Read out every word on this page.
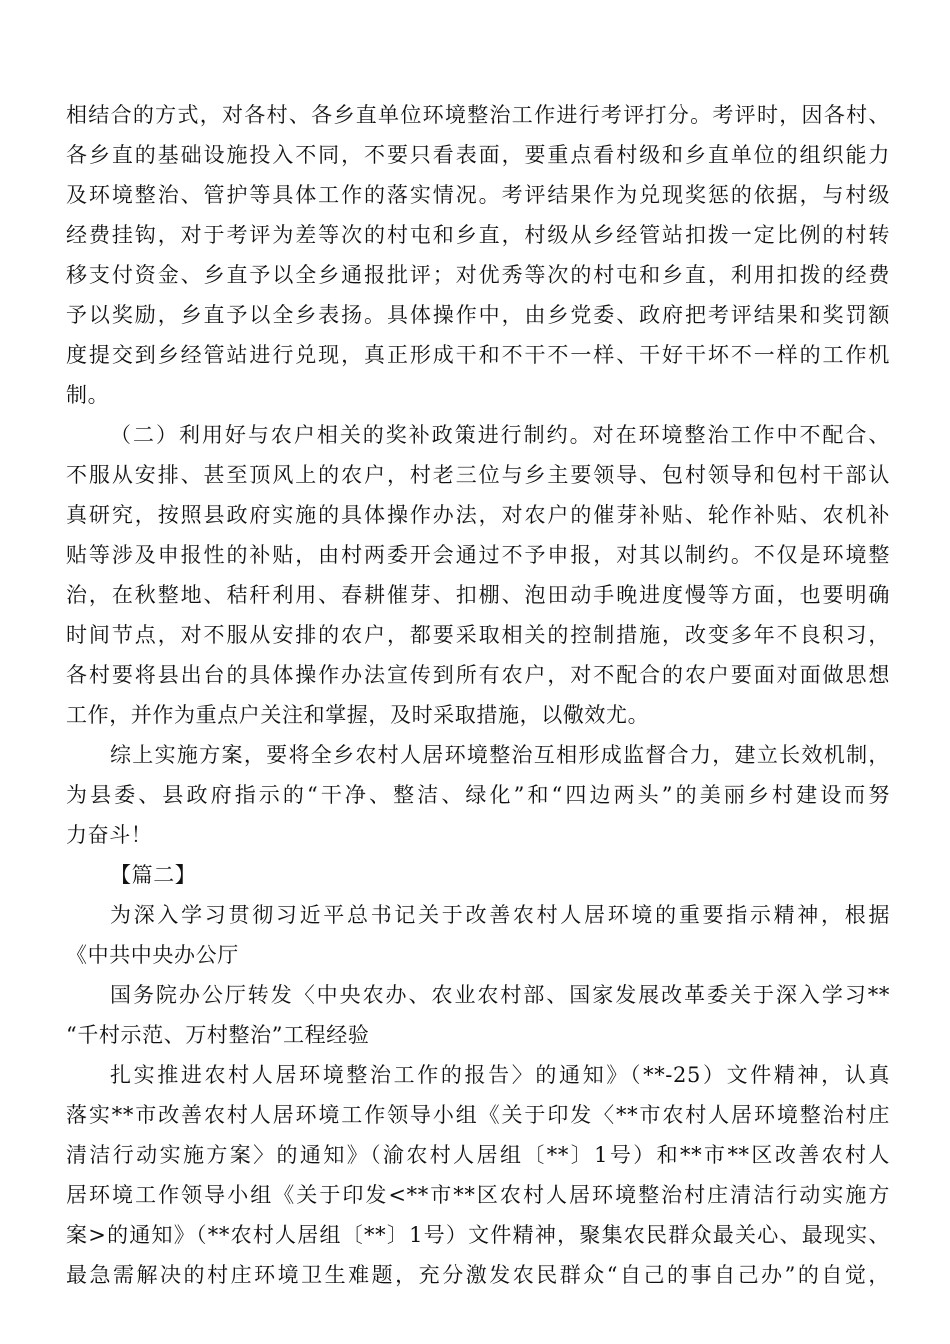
相结合的方式，对各村、各乡直单位环境整治工作进行考评打分。考评时，因各村、
各乡直的基础设施投入不同，不要只看表面，要重点看村级和乡直单位的组织能力
及环境整治、管护等具体工作的落实情况。考评结果作为兑现奖惩的依据，与村级
经费挂钩，对于考评为差等次的村屯和乡直，村级从乡经管站扣拨一定比例的村转
移支付资金、乡直予以全乡通报批评；对优秀等次的村屯和乡直，利用扣拨的经费
予以奖励，乡直予以全乡表扬。具体操作中，由乡党委、政府把考评结果和奖罚额
度提交到乡经管站进行兑现，真正形成干和不干不一样、干好干坏不一样的工作机
制。
（二）利用好与农户相关的奖补政策进行制约。对在环境整治工作中不配合、
不服从安排、甚至顶风上的农户，村老三位与乡主要领导、包村领导和包村干部认
真研究，按照县政府实施的具体操作办法，对农户的催芽补贴、轮作补贴、农机补
贴等涉及申报性的补贴，由村两委开会通过不予申报，对其以制约。不仅是环境整
治，在秋整地、秸秆利用、春耕催芽、扣棚、泡田动手晚进度慢等方面，也要明确
时间节点，对不服从安排的农户，都要采取相关的控制措施，改变多年不良积习，
各村要将县出台的具体操作办法宣传到所有农户，对不配合的农户要面对面做思想
工作，并作为重点户关注和掌握，及时采取措施，以儆效尤。
综上实施方案，要将全乡农村人居环境整治互相形成监督合力，建立长效机制，
为县委、县政府指示的“干净、整洁、绿化”和“四边两头”的美丽乡村建设而努
力奋斗！
【篇二】
为深入学习贯彻习近平总书记关于改善农村人居环境的重要指示精神，根据
《中共中央办公厅
国务院办公厅转发〈中央农办、农业农村部、国家发展改革委关于深入学习**
“千村示范、万村整治”工程经验
扎实推进农村人居环境整治工作的报告〉的通知》（**-25）文件精神，认真
落实**市改善农村人居环境工作领导小组《关于印发〈**市农村人居环境整治村庄
清洁行动实施方案〉的通知》（渝农村人居组〔**〕1号）和**市**区改善农村人
居环境工作领导小组《关于印发<**市**区农村人居环境整治村庄清洁行动实施方
案>的通知》（**农村人居组〔**〕1号）文件精神，聚集农民群众最关心、最现实、
最急需解决的村庄环境卫生难题，充分激发农民群众“自己的事自己办”的自觉，
